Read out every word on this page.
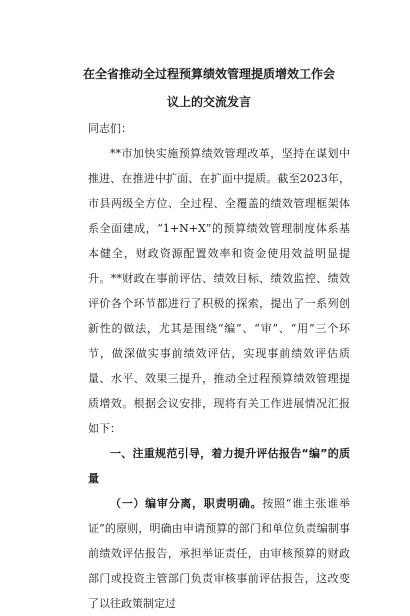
在全省推动全过程预算绩效管理提质增效工作会议上的交流发言

同志们：

**市加快实施预算绩效管理改革，坚持在谋划中推进、在推进中扩面、在扩面中提质。截至2023年，市县两级全方位、全过程、全覆盖的绩效管理框架体系全面建成，“1+N+X”的预算绩效管理制度体系基本健全，财政资源配置效率和资金使用效益明显提升。**财政在事前评估、绩效目标、绩效监控、绩效评价各个环节都进行了积极的探索，提出了一系列创新性的做法，尤其是围绕“编”、“审”、“用”三个环节，做深做实事前绩效评估，实现事前绩效评估质量、水平、效果三提升，推动全过程预算绩效管理提质增效。根据会议安排，现将有关工作进展情况汇报如下：

一、注重规范引导，着力提升评估报告“编”的质量

（一）编审分离，职责明确。按照“谁主张谁举证”的原则，明确由申请预算的部门和单位负责编制事前绩效评估报告，承担举证责任，由审核预算的财政部门或投资主管部门负责审核事前评估报告，这改变了以往政策制定过
